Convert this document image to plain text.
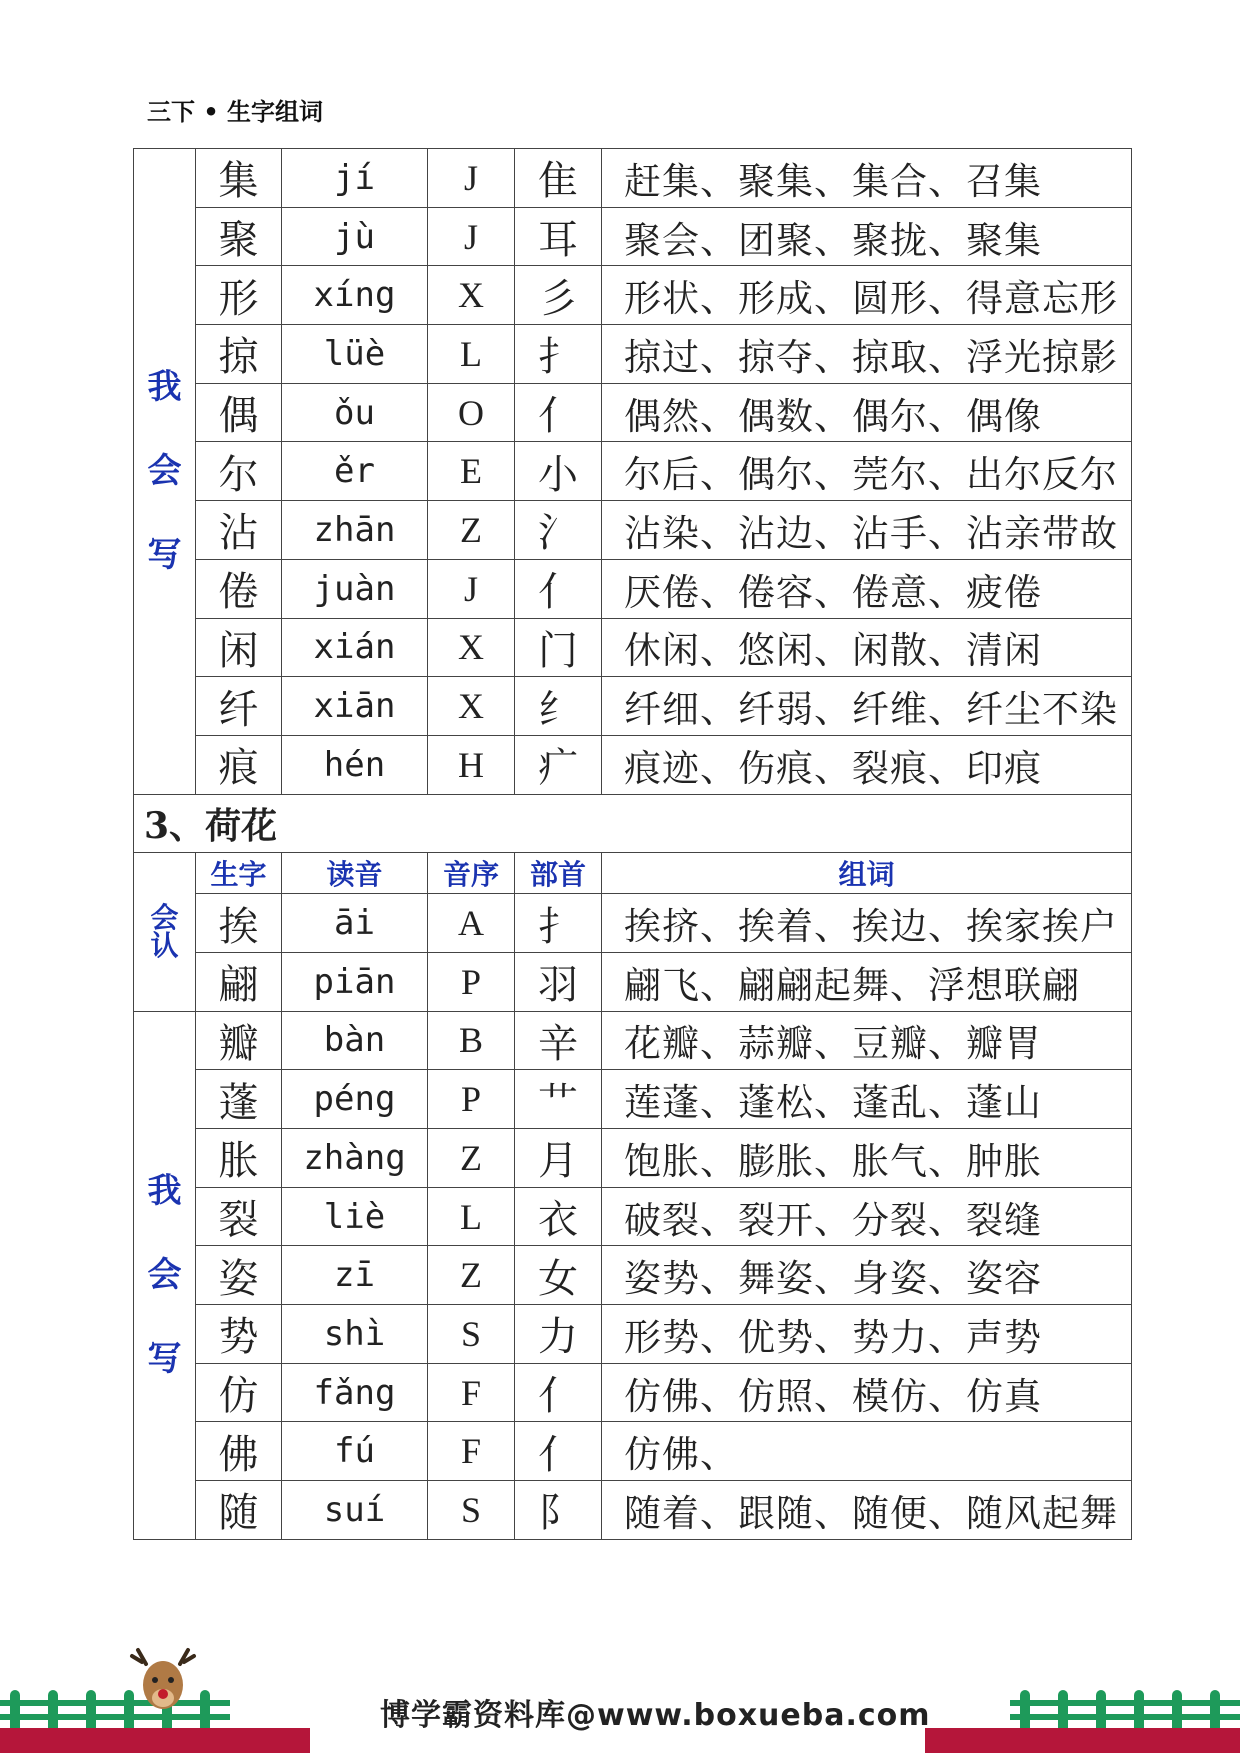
三下 • 生字组词
我
会
写	集	jí	J	隹	赶集、聚集、集合、召集
	聚	jù	J	耳	聚会、团聚、聚拢、聚集
	形	xíng	X	彡	形状、形成、圆形、得意忘形
	掠	lüè	L	扌	掠过、掠夺、掠取、浮光掠影
	偶	ǒu	O	亻	偶然、偶数、偶尔、偶像
	尔	ěr	E	小	尔后、偶尔、莞尔、出尔反尔
	沾	zhān	Z	氵	沾染、沾边、沾手、沾亲带故
	倦	juàn	J	亻	厌倦、倦容、倦意、疲倦
	闲	xián	X	门	休闲、悠闲、闲散、清闲
	纤	xiān	X	纟	纤细、纤弱、纤维、纤尘不染
	痕	hén	H	疒	痕迹、伤痕、裂痕、印痕
3、荷花					

会
认	生字	读音	音序	部首	组词
	挨	āi	A	扌	挨挤、挨着、挨边、挨家挨户
	翩	piān	P	羽	翩飞、翩翩起舞、浮想联翩

我
会
写	瓣	bàn	B	辛	花瓣、蒜瓣、豆瓣、瓣胃
	蓬	péng	P	艹	莲蓬、蓬松、蓬乱、蓬山
	胀	zhàng	Z	月	饱胀、膨胀、胀气、肿胀
	裂	liè	L	衣	破裂、裂开、分裂、裂缝
	姿	zī	Z	女	姿势、舞姿、身姿、姿容
	势	shì	S	力	形势、优势、势力、声势
	仿	fǎng	F	亻	仿佛、仿照、模仿、仿真
	佛	fú	F	亻	仿佛、
	随	suí	S	阝	随着、跟随、随便、随风起舞
博学霸资料库@www.boxueba.com
